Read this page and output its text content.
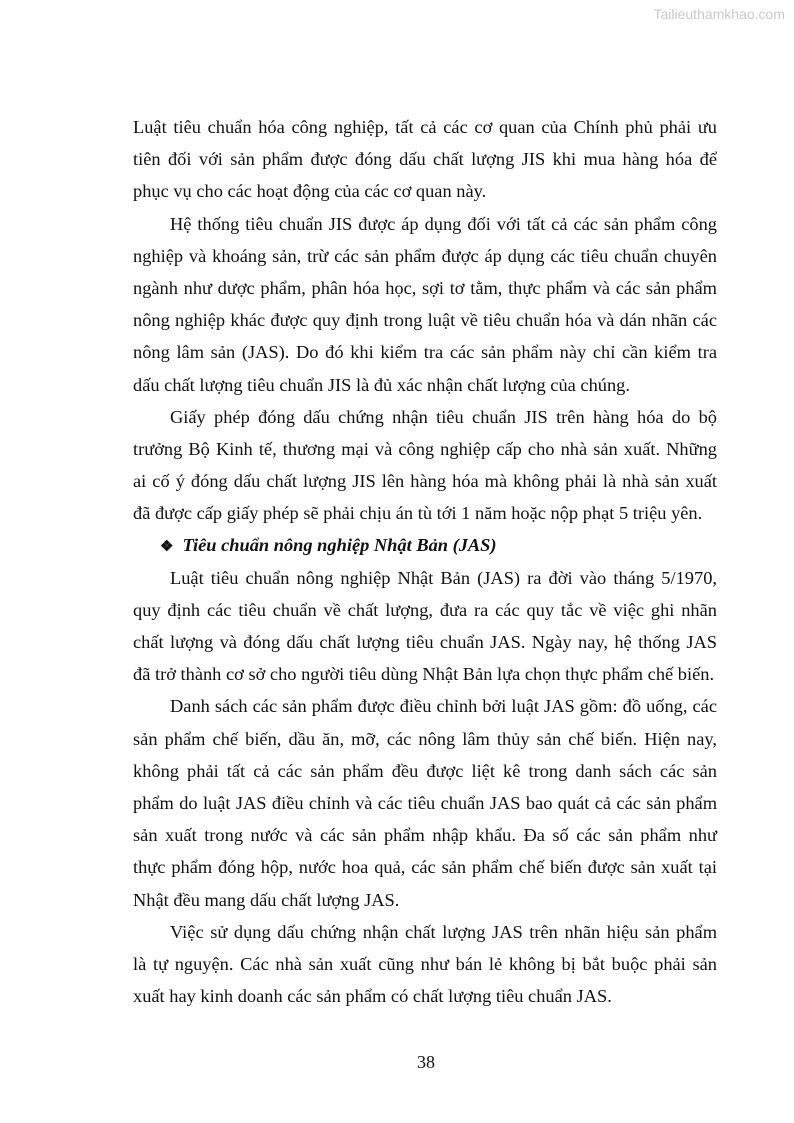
Tailieuthamkhao.com
Luật tiêu chuẩn hóa công nghiệp, tất cả các cơ quan của Chính phủ phải ưu
tiên đối với sản phẩm được đóng dấu chất lượng JIS khi mua hàng hóa để
phục vụ cho các hoạt động của các cơ quan này.
Hệ thống tiêu chuẩn JIS được áp dụng đối với tất cả các sản phẩm công
nghiệp và khoáng sản, trừ các sản phẩm được áp dụng các tiêu chuẩn chuyên
ngành như dược phẩm, phân hóa học, sợi tơ tằm, thực phẩm và các sản phẩm
nông nghiệp khác được quy định trong luật về tiêu chuẩn hóa và dán nhãn các
nông lâm sản (JAS). Do đó khi kiểm tra các sản phẩm này chỉ cần kiểm tra
dấu chất lượng tiêu chuẩn JIS là đủ xác nhận chất lượng của chúng.
Giấy phép đóng dấu chứng nhận tiêu chuẩn JIS trên hàng hóa do bộ
trưởng Bộ Kinh tế, thương mại và công nghiệp cấp cho nhà sản xuất. Những
ai cố ý đóng dấu chất lượng JIS lên hàng hóa mà không phải là nhà sản xuất
đã được cấp giấy phép sẽ phải chịu án tù tới 1 năm hoặc nộp phạt 5 triệu yên.
❖ Tiêu chuẩn nông nghiệp Nhật Bản (JAS)
Luật tiêu chuẩn nông nghiệp Nhật Bản (JAS) ra đời vào tháng 5/1970,
quy định các tiêu chuẩn về chất lượng, đưa ra các quy tắc về việc ghi nhãn
chất lượng và đóng dấu chất lượng tiêu chuẩn JAS. Ngày nay, hệ thống JAS
đã trở thành cơ sở cho người tiêu dùng Nhật Bản lựa chọn thực phẩm chế biến.
Danh sách các sản phẩm được điều chỉnh bởi luật JAS gồm: đồ uống, các
sản phẩm chế biến, dầu ăn, mỡ, các nông lâm thủy sản chế biến. Hiện nay,
không phải tất cả các sản phẩm đều được liệt kê trong danh sách các sản
phẩm do luật JAS điều chỉnh và các tiêu chuẩn JAS bao quát cả các sản phẩm
sản xuất trong nước và các sản phẩm nhập khẩu. Đa số các sản phẩm như
thực phẩm đóng hộp, nước hoa quả, các sản phẩm chế biến được sản xuất tại
Nhật đều mang dấu chất lượng JAS.
Việc sử dụng dấu chứng nhận chất lượng JAS trên nhãn hiệu sản phẩm
là tự nguyện. Các nhà sản xuất cũng như bán lẻ không bị bắt buộc phải sản
xuất hay kinh doanh các sản phẩm có chất lượng tiêu chuẩn JAS.
38
